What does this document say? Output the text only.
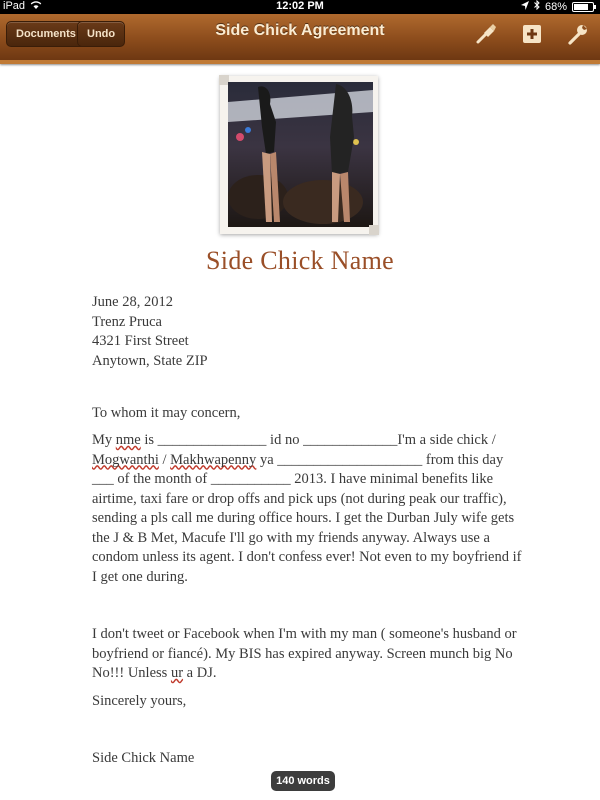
iPad	12:02 PM	68%
Documents	Undo	Side Chick Agreement
Side Chick Name
June 28, 2012
Trenz Pruca
4321 First Street
Anytown, State ZIP
To whom it may concern,
My nme is _______________ id no _____________I'm a side chick / Mogwanthi / Makhwapenny ya ____________________ from this day ___ of the month of ___________ 2013. I have minimal benefits like airtime, taxi fare or drop offs and pick ups (not during peak our traffic), sending a pls call me during office hours. I get the Durban July wife gets the J & B Met, Macufe I'll go with my friends anyway. Always use a condom unless its agent. I don't confess ever! Not even to my boyfriend if I get one during.
I don't tweet or Facebook when I'm with my man ( someone's husband or boyfriend or fiancé). My BIS has expired anyway. Screen munch big No No!!! Unless ur a DJ.
Sincerely yours,
Side Chick Name
140 words
